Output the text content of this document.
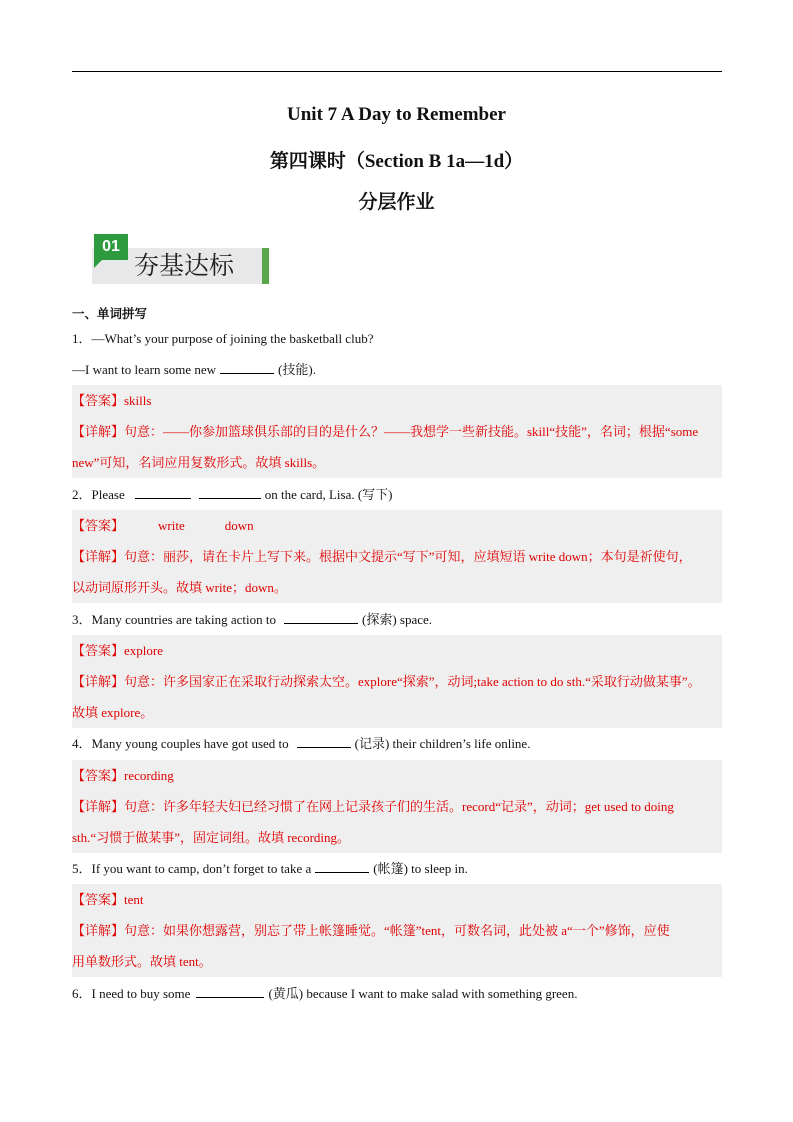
Unit 7 A Day to Remember
第四课时（Section B 1a—1d）
分层作业
01
夯基达标
一、单词拼写
1．—What’s your purpose of joining the basketball club?
—I want to learn some new	(技能).
【答案】skills
【详解】句意：——你参加篮球俱乐部的目的是什么？——我想学一些新技能。skill“技能”，名词；根据“some
new”可知，名词应用复数形式。故填 skills。
2．Please	on the card, Lisa. (写下)
【答案】	write	down
【详解】句意：丽莎，请在卡片上写下来。根据中文提示“写下”可知，应填短语 write down；本句是祈使句，
以动词原形开头。故填 write；down。
3．Many countries are taking action to	(探索) space.
【答案】explore
【详解】句意：许多国家正在采取行动探索太空。explore“探索”，动词;take action to do sth.“采取行动做某事”。
故填 explore。
4．Many young couples have got used to	(记录) their children’s life online.
【答案】recording
【详解】句意：许多年轻夫妇已经习惯了在网上记录孩子们的生活。record“记录”，动词；get used to doing
sth.“习惯于做某事”，固定词组。故填 recording。
5．If you want to camp, don’t forget to take a	(帐篷) to sleep in.
【答案】tent
【详解】句意：如果你想露营，别忘了带上帐篷睡觉。“帐篷”tent，可数名词，此处被 a“一个”修饰，应使
用单数形式。故填 tent。
6．I need to buy some	(黄瓜) because I want to make salad with something green.
